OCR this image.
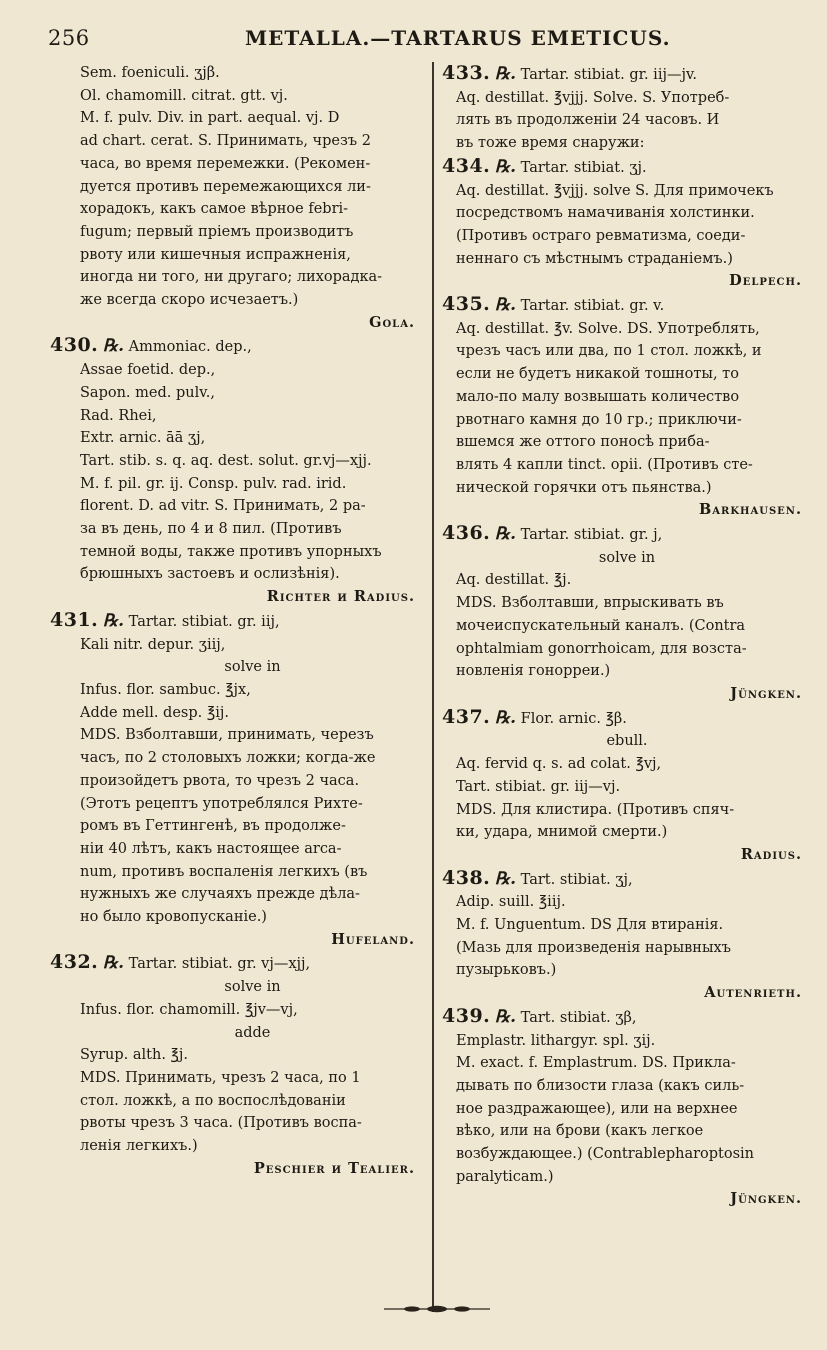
256	METALLA.—TARTARUS EMETICUS.
Sem. foeniculi. ʒjβ.
Ol. chamomill. citrat. gtt. vj.
M. f. pulv. Div. in part. aequal. vj. D
ad chart. cerat. S. Принимать, чрезъ 2
часа, во время перемежки. (Рекомен-
дуется противъ перемежающихся ли-
хорадокъ, какъ самое вѣрное febri-
fugum; первый пріемъ производитъ
рвоту или кишечныя испражненія,
иногда ни того, ни другаго; лихорадка-
же всегда скоро исчезаетъ.)
Gola.
430. ℞. Ammoniac. dep.,
Assae foetid. dep.,
Sapon. med. pulv.,
Rad. Rhei,
Extr. arnic. āā ʒj,
Tart. stib. s. q. aq. dest. solut. gr.vj—xjj.
M. f. pil. gr. ij. Consp. pulv. rad. irid.
florent. D. ad vitr. S. Принимать, 2 ра-
за въ день, по 4 и 8 пил. (Противъ
темной воды, также противъ упорныхъ
брюшныхъ застоевъ и ослизѣнія).
Richter и Radius.
431. ℞. Tartar. stibiat. gr. iij,
Kali nitr. depur. ʒiij,
solve in
Infus. flor. sambuc. ℥jx,
Adde mell. desp. ℥ij.
MDS. Взболтавши, принимать, черезъ
часъ, по 2 столовыхъ ложки; когда-же
произойдетъ рвота, то чрезъ 2 часа.
(Этотъ рецептъ употреблялся Рихте-
ромъ въ Геттингенѣ, въ продолже-
ніи 40 лѣтъ, какъ настоящее arca-
num, противъ воспаленія легкихъ (въ
нужныхъ же случаяхъ прежде дѣла-
но было кровопусканіе.)
Hufeland.
432. ℞. Tartar. stibiat. gr. vj—xjj,
solve in
Infus. flor. chamomill. ℥jv—vj,
adde
Syrup. alth. ℥j.
MDS. Принимать, чрезъ 2 часа, по 1
стол. ложкѣ, а по воспослѣдованіи
рвоты чрезъ 3 часа. (Противъ воспа-
ленія легкихъ.)
Peschier и Tealier.
433. ℞. Tartar. stibiat. gr. iij—jv.
Aq. destillat. ℥vjjj. Solve. S. Употреб-
лять въ продолженіи 24 часовъ. И
въ тоже время снаружи:
434. ℞. Tartar. stibiat. ʒj.
Aq. destillat. ℥vjjj. solve S. Для примочекъ
посредствомъ намачиванія холстинки.
(Противъ остраго ревматизма, соеди-
неннаго съ мѣстнымъ страданіемъ.)
Delpech.
435. ℞. Tartar. stibiat. gr. v.
Aq. destillat. ℥v. Solve. DS. Употреблять,
чрезъ часъ или два, по 1 стол. ложкѣ, и
если не будетъ никакой тошноты, то
мало-по малу возвышать количество
рвотнаго камня до 10 гр.; приключи-
вшемся же оттого поносѣ приба-
влять 4 капли tinct. opii. (Противъ сте-
нической горячки отъ пьянства.)
Barkhausen.
436. ℞. Tartar. stibiat. gr. j,
solve in
Aq. destillat. ℥j.
MDS. Взболтавши, впрыскивать въ
мочеиспускательный каналъ. (Contra
ophtalmiam gonorrhoicam, для возста-
новленія гонорреи.)
Jüngken.
437. ℞. Flor. arnic. ℥β.
ebull.
Aq. fervid q. s. ad colat. ℥vj,
Tart. stibiat. gr. iij—vj.
MDS. Для клистира. (Противъ спяч-
ки, удара, мнимой смерти.)
Radius.
438. ℞. Tart. stibiat. ʒj,
Adip. suill. ℥iij.
M. f. Unguentum. DS Для втиранія.
(Мазь для произведенія нарывныхъ
пузырьковъ.)
Autenrieth.
439. ℞. Tart. stibiat. ʒβ,
Emplastr. lithargyr. spl. ʒij.
M. exact. f. Emplastrum. DS. Прикла-
дывать по близости глаза (какъ силь-
ное раздражающее), или на верхнее
вѣко, или на брови (какъ легкое
возбуждающее.) (Contrablepharoptosin
paralyticam.)
Jüngken.
